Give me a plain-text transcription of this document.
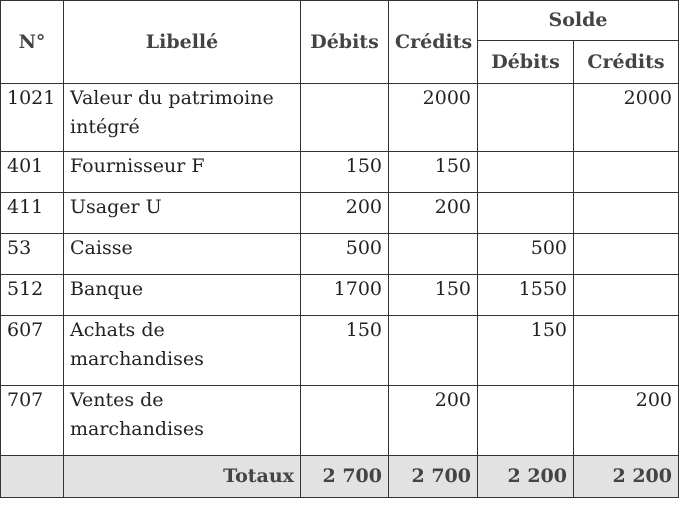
N°	Libellé	Débits	Crédits	Solde	
				Débits	Crédits
1021	Valeur du patrimoine intégré		2000		2000
401	Fournisseur F	150	150		
411	Usager U	200	200		
53	Caisse	500		500	
512	Banque	1700	150	1550	
607	Achats de marchandises	150		150	
707	Ventes de marchandises		200		200
	Totaux	2 700	2 700	2 200	2 200
